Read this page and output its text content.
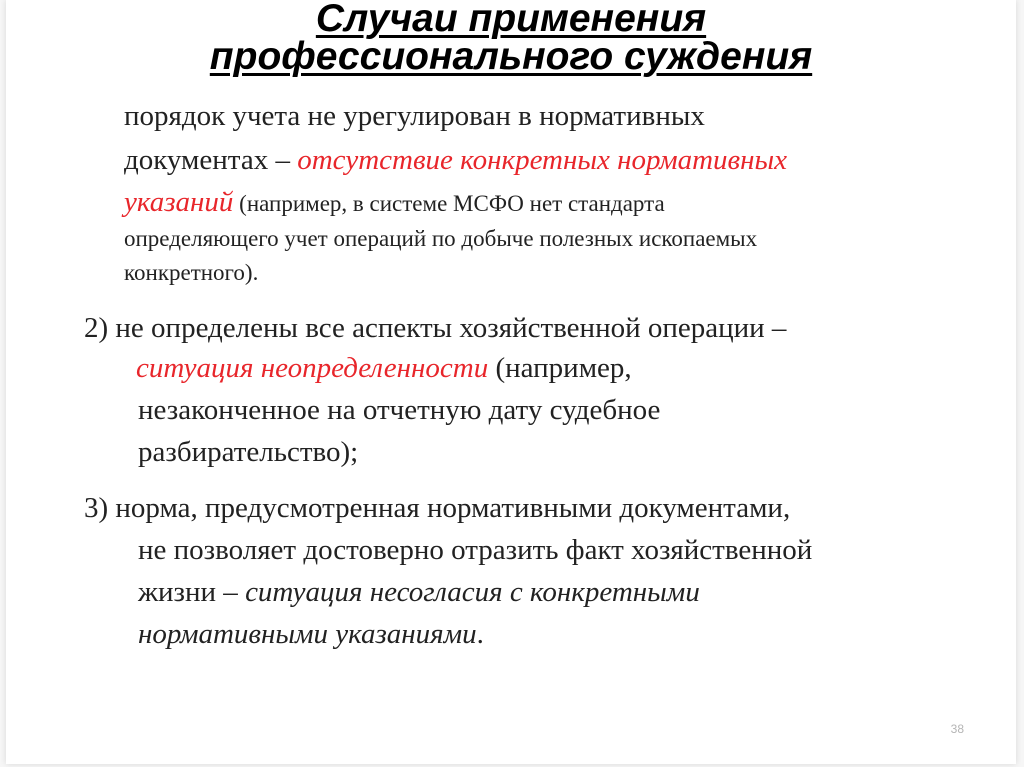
Случаи применения
профессионального суждения
порядок учета не урегулирован в нормативных
документах – отсутствие конкретных нормативных
указаний (например, в системе МСФО нет стандарта
определяющего учет операций по добыче полезных ископаемых
конкретного).
2) не определены все аспекты хозяйственной операции –
ситуация неопределенности (например,
незаконченное на отчетную дату судебное
разбирательство);
3) норма, предусмотренная нормативными документами,
не позволяет достоверно отразить факт хозяйственной
жизни – ситуация несогласия с конкретными
нормативными указаниями.
38
